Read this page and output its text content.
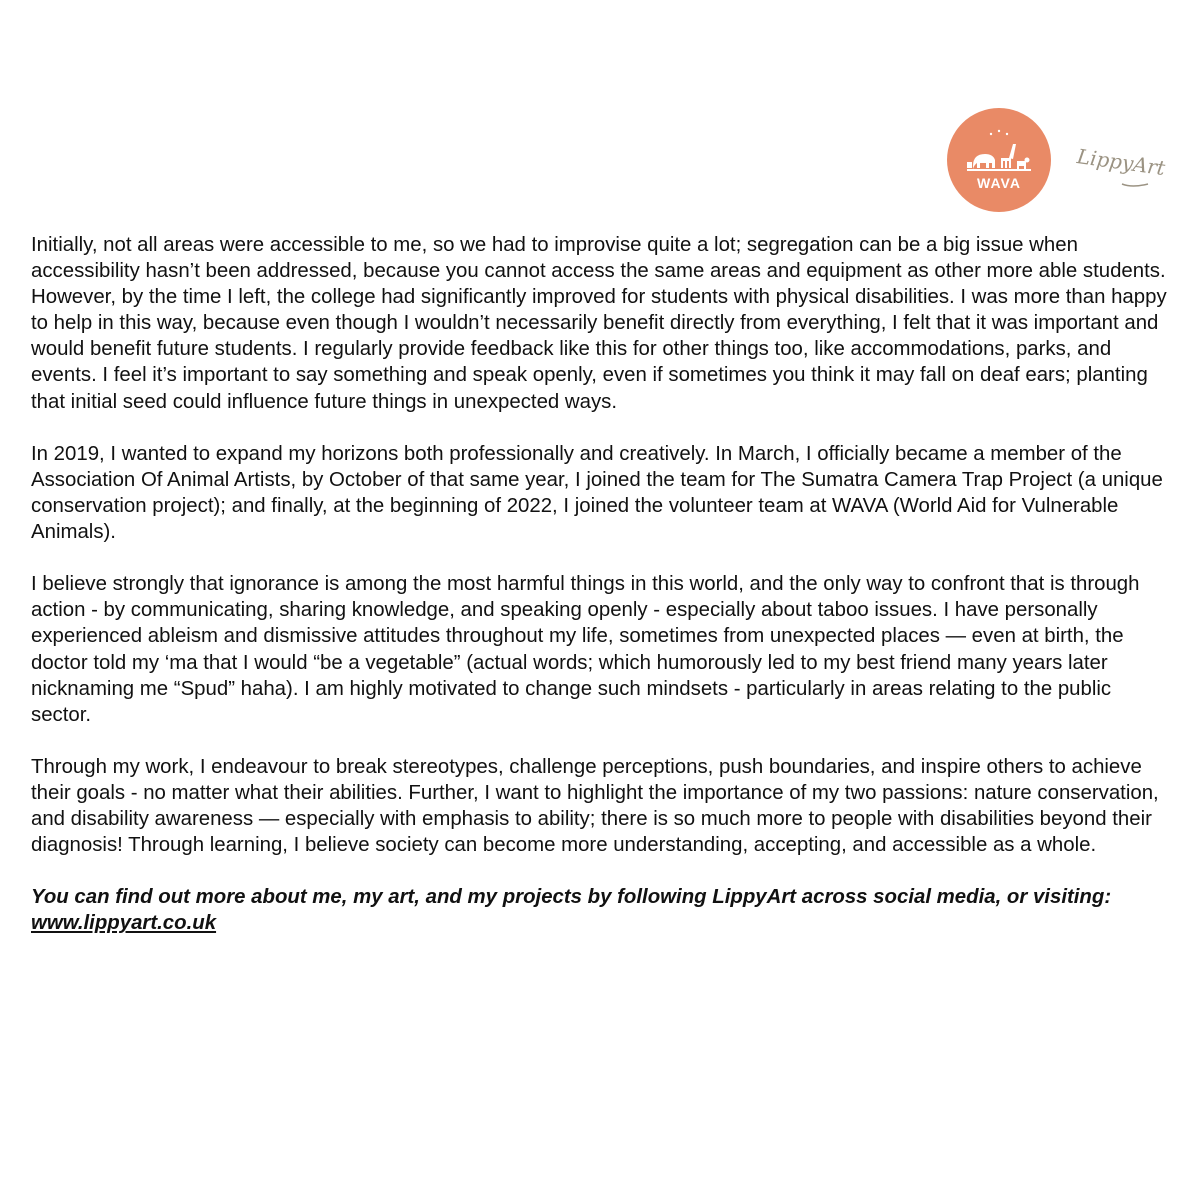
WAVA
LippyArt

Initially, not all areas were accessible to me, so we had to improvise quite a lot; segregation can be a big issue when accessibility hasn’t been addressed, because you cannot access the same areas and equipment as other more able students. However, by the time I left, the college had significantly improved for students with physical disabilities. I was more than happy to help in this way, because even though I wouldn’t necessarily benefit directly from everything, I felt that it was important and would benefit future students. I regularly provide feedback like this for other things too, like accommodations, parks, and events. I feel it’s important to say something and speak openly, even if sometimes you think it may fall on deaf ears; planting that initial seed could influence future things in unexpected ways.

In 2019, I wanted to expand my horizons both professionally and creatively. In March, I officially became a member of the Association Of Animal Artists, by October of that same year, I joined the team for The Sumatra Camera Trap Project (a unique conservation project); and finally, at the beginning of 2022, I joined the volunteer team at WAVA (World Aid for Vulnerable Animals).

I believe strongly that ignorance is among the most harmful things in this world, and the only way to confront that is through action - by communicating, sharing knowledge, and speaking openly - especially about taboo issues. I have personally experienced ableism and dismissive attitudes throughout my life, sometimes from unexpected places — even at birth, the doctor told my ‘ma that I would “be a vegetable” (actual words; which humorously led to my best friend many years later nicknaming me “Spud” haha). I am highly motivated to change such mindsets - particularly in areas relating to the public sector.

Through my work, I endeavour to break stereotypes, challenge perceptions, push boundaries, and inspire others to achieve their goals - no matter what their abilities. Further, I want to highlight the importance of my two passions: nature conservation, and disability awareness — especially with emphasis to ability; there is so much more to people with disabilities beyond their diagnosis! Through learning, I believe society can become more understanding, accepting, and accessible as a whole.

You can find out more about me, my art, and my projects by following LippyArt across social media, or visiting: www.lippyart.co.uk
